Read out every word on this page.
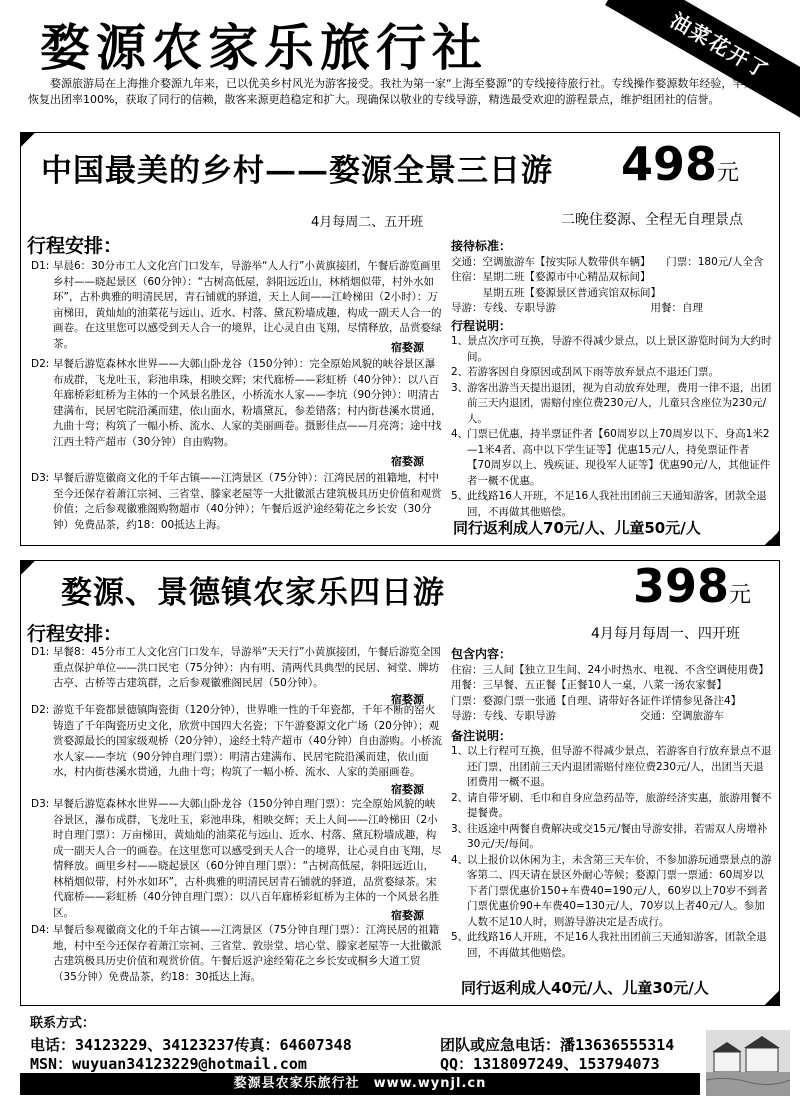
婺源农家乐旅行社	油菜花开了
婺源旅游局在上海推介婺源九年来，已以优美乡村风光为游客接受。我社为第一家“上海至婺源”的专线接待旅行社。专线操作婺源数年经验，罕见地恢复出团率100%，获取了同行的信赖，散客来源更趋稳定和扩大。现确保以敬业的专线导游，精选最受欢迎的游程景点，维护组团社的信誉。
中国最美的乡村——婺源全景三日游 498元
4月每周二、五开班	二晚住婺源、全程无自理景点
行程安排：
D1: 早晨6：30分市工人文化宫门口发车，导游举“人人行”小黄旗接团，午餐后游览画里乡村——晓起景区（60分钟）：“古树高低屋，斜阳远近山，林梢烟似带，村外水如环”，古朴典雅的明清民居，青石铺就的驿道，天上人间——江岭梯田（2小时）：万亩梯田，黄灿灿的油菜花与远山、近水、村落、黛瓦粉墙成趣，构成一副天人合一的画卷。在这里您可以感受到天人合一的境界，让心灵自由飞翔，尽情释放，品赏婺绿茶。	宿婺源
D2: 早餐后游览森林水世界——大鄣山卧龙谷（150分钟）：完全原始风貌的峡谷景区瀑布成群，飞龙吐玉，彩池串珠，相映交辉；宋代廊桥——彩虹桥（40分钟）：以八百年廊桥彩虹桥为主体的一个风景名胜区，小桥流水人家——李坑（90分钟）：明清古建满布，民居宅院沿溪而建，依山面水，粉墙黛瓦，参差错落；村内街巷溪水贯通，九曲十弯；构筑了一幅小桥、流水、人家的美丽画卷。摄影佳点——月亮湾；途中找江西土特产超市（30分钟）自由购物。
宿婺源
D3: 早餐后游览徽商文化的千年古镇——江湾景区（75分钟）：江湾民居的祖籍地，村中至今还保存着萧江宗祠、三省堂、滕家老屋等一大批徽派古建筑极具历史价值和观赏价值；之后参观徽雅阁购物超市（40分钟）；午餐后返沪途经菊花之乡长安（30分钟）免费品茶，约18：00抵达上海。
接待标准：
交通：空调旅游车【按实际人数带供车辆】　　门票：180元/人全含
住宿：星期二班【婺源市中心精品双标间】
　　　星期五班【婺源景区普通宾馆双标间】
导游：专线、专职导游　　　　　　　　　用餐：自理
行程说明：
1、
景点次序可互换，导游不得减少景点，以上景区游览时间为大约时间。
2、
若游客因自身原因或刮风下雨等放弃景点不退还门票。
3、
游客出游当天提出退团，视为自动放弃处理，费用一律不退，出团前三天内退团，需赔付座位费230元/人，儿童只含座位为230元/人。
4、
门票已优惠，持半票证件者【60周岁以上70周岁以下、身高1米2—1米4者、高中以下学生证等】优惠15元/人，持免票证件者【70周岁以上、残疾证、现役军人证等】优惠90元/人，其他证件者一概不优惠。
5、
此线路16人开班，不足16人我社出团前三天通知游客，团款全退回，不再做其他赔偿。
同行返利成人70元/人、儿童50元/人
婺源、景德镇农家乐四日游	398元
行程安排：	4月每月每周一、四开班
D1: 早餐8：45分市工人文化宫门口发车，导游举“天天行”小黄旗接团，午餐后游览全国重点保护单位——洪口民宅（75分钟）：内有明、清两代具典型的民居、祠堂、牌坊古亭、古桥等古建筑群，之后参观徽雅阁民居（50分钟）。
宿婺源
D2: 游览千年瓷都景德镇陶瓷街（120分钟），世界唯一性的千年瓷都，千年不断的窑火铸造了千年陶瓷历史文化，欣赏中国四大名瓷；下午游婺源文化广场（20分钟）；观赏婺源最长的国家级观桥（20分钟），途经土特产超市（40分钟）自由游购。小桥流水人家——李坑（90分钟自理门票）：明清古建满布、民居宅院沿溪而建，依山面水，村内街巷溪水贯通，九曲十弯；构筑了一幅小桥、流水、人家的美丽画卷。
宿婺源
D3: 早餐后游览森林水世界——大鄣山卧龙谷（150分钟自理门票）：完全原始风貌的峡谷景区，瀑布成群，飞龙吐玉，彩池串珠，相映交辉；天上人间——江岭梯田（2小时自理门票）：万亩梯田，黄灿灿的油菜花与远山、近水、村落、黛瓦粉墙成趣，构成一副天人合一的画卷。在这里您可以感受到天人合一的境界，让心灵自由飞翔，尽情释放。画里乡村——晓起景区（60分钟自理门票）：“古树高低屋，斜阳远近山，林梢烟似带，村外水如环”，古朴典雅的明清民居青石铺就的驿道，品赏婺绿茶。宋代廊桥——彩虹桥（40分钟自理门票）：以八百年廊桥彩虹桥为主体的一个风景名胜区。	宿婺源
D4: 早餐后参观徽商文化的千年古镇——江湾景区（75分钟自理门票）：江湾民居的祖籍地，村中至今还保存着萧江宗祠、三省堂、敦崇堂、培心堂、滕家老屋等一大批徽派古建筑极具历史价值和观赏价值。午餐后返沪途经菊花之乡长安或桐乡大道工贸（35分钟）免费品茶，约18：30抵达上海。
包含内容：
住宿：三人间【独立卫生间、24小时热水、电视、不含空调使用费】
用餐：三早餐、五正餐【正餐10人一桌，八菜一汤农家餐】
门票：婺源门票一张通【自理、请带好各证件详情参见备注4】
导游：专线、专职导游　　　　　　　　交通：空调旅游车
备注说明：
1、
以上行程可互换，但导游不得减少景点，若游客自行放弃景点不退还门票，出团前三天内退团需赔付座位费230元/人，出团当天退团费用一概不退。
2、
请自带牙刷、毛巾和自身应急药品等，旅游经济实惠，旅游用餐不提餐费。
3、
往返途中两餐自费解决或交15元/餐由导游安排，若需双人房增补30元/天/每间。
4、
以上报价以休闲为主，未含第三天车价，不参加游玩通票景点的游客第二、四天请在景区外耐心等候；婺源门票一票通：60周岁以下者门票优惠价150+车费40=190元/人，60岁以上70岁不到者门票优惠价90+车费40=130元/人，70岁以上者40元/人。参加人数不足10人时，则游导游决定是否成行。
5、
此线路16人开班，不足16人我社出团前三天通知游客，团款全退回，不再做其他赔偿。
同行返利成人40元/人、儿童30元/人
联系方式：
电话：34123229、34123237传真：64607348
MSN：wuyuan34123229@hotmail.com
团队或应急电话：潘13636555314
QQ：1318097249、153794073
婺源县农家乐旅行社　www.wynjl.cn
